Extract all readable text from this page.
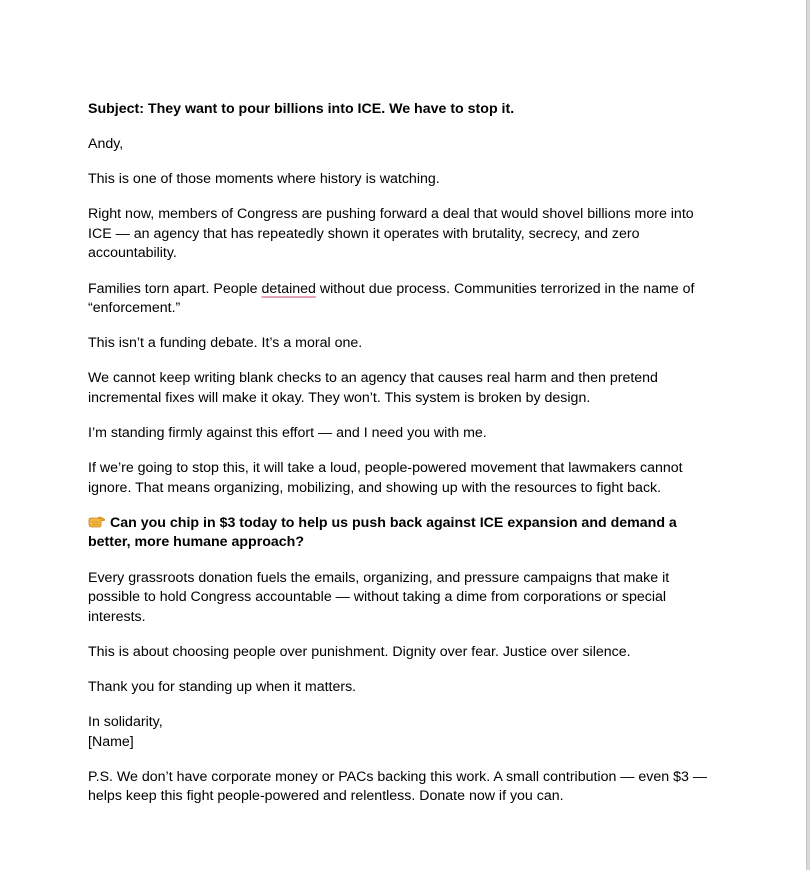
Subject: They want to pour billions into ICE. We have to stop it.

Andy,

This is one of those moments where history is watching.

Right now, members of Congress are pushing forward a deal that would shovel billions more into ICE — an agency that has repeatedly shown it operates with brutality, secrecy, and zero accountability.

Families torn apart. People detained without due process. Communities terrorized in the name of “enforcement.”

This isn’t a funding debate. It’s a moral one.

We cannot keep writing blank checks to an agency that causes real harm and then pretend incremental fixes will make it okay. They won’t. This system is broken by design.

I’m standing firmly against this effort — and I need you with me.

If we’re going to stop this, it will take a loud, people-powered movement that lawmakers cannot ignore. That means organizing, mobilizing, and showing up with the resources to fight back.

Can you chip in $3 today to help us push back against ICE expansion and demand a better, more humane approach?

Every grassroots donation fuels the emails, organizing, and pressure campaigns that make it possible to hold Congress accountable — without taking a dime from corporations or special interests.

This is about choosing people over punishment. Dignity over fear. Justice over silence.

Thank you for standing up when it matters.

In solidarity,
[Name]

P.S. We don’t have corporate money or PACs backing this work. A small contribution — even $3 — helps keep this fight people-powered and relentless. Donate now if you can.
